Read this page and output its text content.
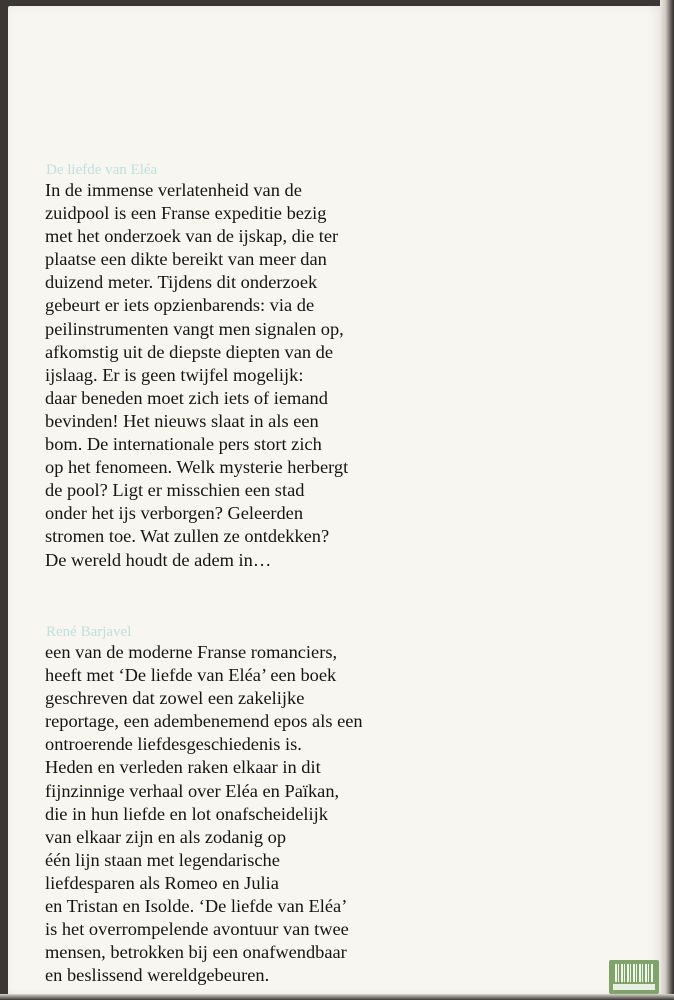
De liefde van Eléa

In de immense verlatenheid van de
zuidpool is een Franse expeditie bezig
met het onderzoek van de ijskap, die ter
plaatse een dikte bereikt van meer dan
duizend meter. Tijdens dit onderzoek
gebeurt er iets opzienbarends: via de
peilinstrumenten vangt men signalen op,
afkomstig uit de diepste diepten van de
ijslaag. Er is geen twijfel mogelijk:
daar beneden moet zich iets of iemand
bevinden! Het nieuws slaat in als een
bom. De internationale pers stort zich
op het fenomeen. Welk mysterie herbergt
de pool? Ligt er misschien een stad
onder het ijs verborgen? Geleerden
stromen toe. Wat zullen ze ontdekken?
De wereld houdt de adem in…

René Barjavel

een van de moderne Franse romanciers,
heeft met ‘De liefde van Eléa’ een boek
geschreven dat zowel een zakelijke
reportage, een adembenemend epos als een
ontroerende liefdesgeschiedenis is.
Heden en verleden raken elkaar in dit
fijnzinnige verhaal over Eléa en Païkan,
die in hun liefde en lot onafscheidelijk
van elkaar zijn en als zodanig op
één lijn staan met legendarische
liefdesparen als Romeo en Julia
en Tristan en Isolde. ‘De liefde van Eléa’
is het overrompelende avontuur van twee
mensen, betrokken bij een onafwendbaar
en beslissend wereldgebeuren.
